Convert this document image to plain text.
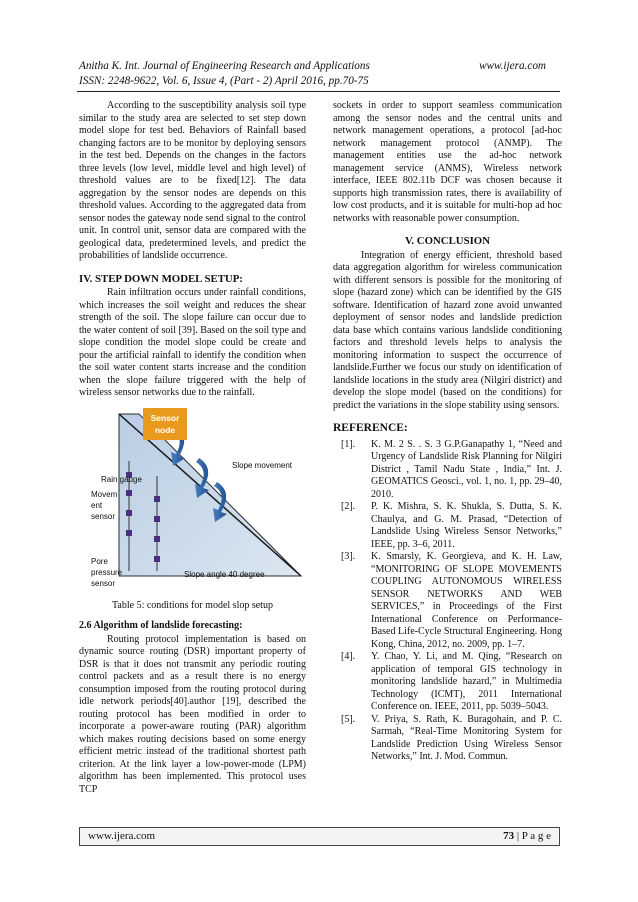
Anitha K. Int. Journal of Engineering Research and Applications	www.ijera.com
ISSN: 2248-9622, Vol. 6, Issue 4, (Part - 2) April 2016, pp.70-75

According to the susceptibility analysis soil type similar to the study area are selected to set step down model slope for test bed. Behaviors of Rainfall based changing factors are to be monitor by deploying sensors in the test bed. Depends on the changes in the factors three levels (low level, middle level and high level) of threshold values are to be fixed[12]. The data aggregation by the sensor nodes are depends on this threshold values. According to the aggregated data from sensor nodes the gateway node send signal to the control unit. In control unit, sensor data are compared with the geological data, predetermined levels, and predict the probabilities of landslide occurrence.

IV. STEP DOWN MODEL SETUP:

Rain infiltration occurs under rainfall conditions, which increases the soil weight and reduces the shear strength of the soil. The slope failure can occur due to the water content of soil [39]. Based on the soil type and slope condition the model slope could be create and pour the artificial rainfall to identify the condition when the soil water content starts increase and the condition when the slope failure triggered with the help of wireless sensor networks due to the rainfall.

Sensor
node
Rain gauge
Movem ent sensor
Slope movement
Pore pressure sensor
Slope angle 40 degree
Table 5: conditions for model slop setup
2.6 Algorithm of landslide forecasting:

Routing protocol implementation is based on dynamic source routing (DSR) important property of DSR is that it does not transmit any periodic routing control packets and as a result there is no energy consumption imposed from the routing protocol during idle network periods[40].author [19], described the routing protocol has been modified in order to incorporate a power-aware routing (PAR) algorithm which makes routing decisions based on some energy efficient metric instead of the traditional shortest path criterion. At the link layer a low-power-mode (LPM) algorithm has been implemented. This protocol uses TCP

sockets in order to support seamless communication among the sensor nodes and the central units and network management operations, a protocol [ad-hoc network management protocol (ANMP). The management entities use the ad-hoc network management service (ANMS), Wireless network interface, IEEE 802.11b DCF was chosen because it supports high transmission rates, there is availability of low cost products, and it is suitable for multi-hop ad hoc networks with reasonable power consumption.

V. CONCLUSION

Integration of energy efficient, threshold based data aggregation algorithm for wireless communication with different sensors is possible for the monitoring of slope (hazard zone) which can be identified by the GIS software. Identification of hazard zone avoid unwanted deployment of sensor nodes and landslide prediction data base which contains various landslide conditioning factors and threshold levels helps to analysis the monitoring information to suspect the occurrence of landslide.Further we focus our study on identification of landslide locations in the study area (Nilgiri district) and develop the slope model (based on the conditions) for predict the variations in the slope stability using sensors.

REFERENCE:
[1].	K. M. 2 S. . S. 3 G.P.Ganapathy 1, “Need and Urgency of Landslide Risk Planning for Nilgiri District , Tamil Nadu State , India,” Int. J. GEOMATICS Geosci., vol. 1, no. 1, pp. 29–40, 2010.
[2].	P. K. Mishra, S. K. Shukla, S. Dutta, S. K. Chaulya, and G. M. Prasad, “Detection of Landslide Using Wireless Sensor Networks,” IEEE, pp. 3–6, 2011.
[3].	K. Smarsly, K. Georgieva, and K. H. Law, “MONITORING OF SLOPE MOVEMENTS COUPLING AUTONOMOUS WIRELESS SENSOR NETWORKS AND WEB SERVICES,” in Proceedings of the First International Conference on Performance-Based Life-Cycle Structural Engineering. Hong Kong, China, 2012, no. 2009, pp. 1–7.
[4].	Y. Chao, Y. Li, and M. Qing, “Research on application of temporal GIS technology in monitoring landslide hazard,” in Multimedia Technology (ICMT), 2011 International Conference on. IEEE, 2011, pp. 5039–5043.
[5].	V. Priya, S. Rath, K. Buragohain, and P. C. Sarmah, “Real-Time Monitoring System for Landslide Prediction Using Wireless Sensor Networks,” Int. J. Mod. Commun.
www.ijera.com	73 | P a g e
